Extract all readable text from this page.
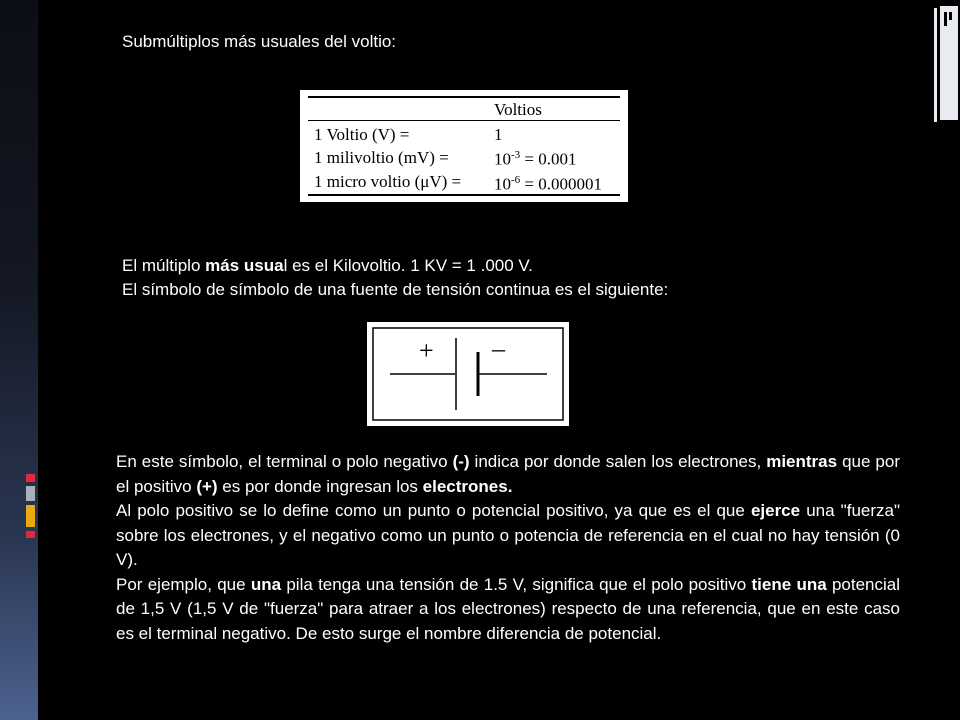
Submúltiplos más usuales del voltio:
	Voltios

1 Voltio (V) =	1
1 milivoltio (mV) =	$10^{-3} = 0.001$
1 micro voltio (μV) =	$10^{-6} = 0.000001$
El múltiplo más usual es el Kilovoltio. 1 KV = 1 .000 V.
El símbolo de símbolo de una fuente de tensión continua es el siguiente:
+ –
En este símbolo, el terminal o polo negativo (-) indica por donde salen los electrones, mientras que por el positivo (+) es por donde ingresan los electrones.
Al polo positivo se lo define como un punto o potencial positivo, ya que es el que ejerce una "fuerza" sobre los electrones, y el negativo como un punto o potencia de referencia en el cual no hay tensión (0 V).
Por ejemplo, que una pila tenga una tensión de 1.5 V, significa que el polo positivo tiene una potencial de 1,5 V (1,5 V de "fuerza" para atraer a los electrones) respecto de una referencia, que en este caso es el terminal negativo. De esto surge el nombre diferencia de potencial.
